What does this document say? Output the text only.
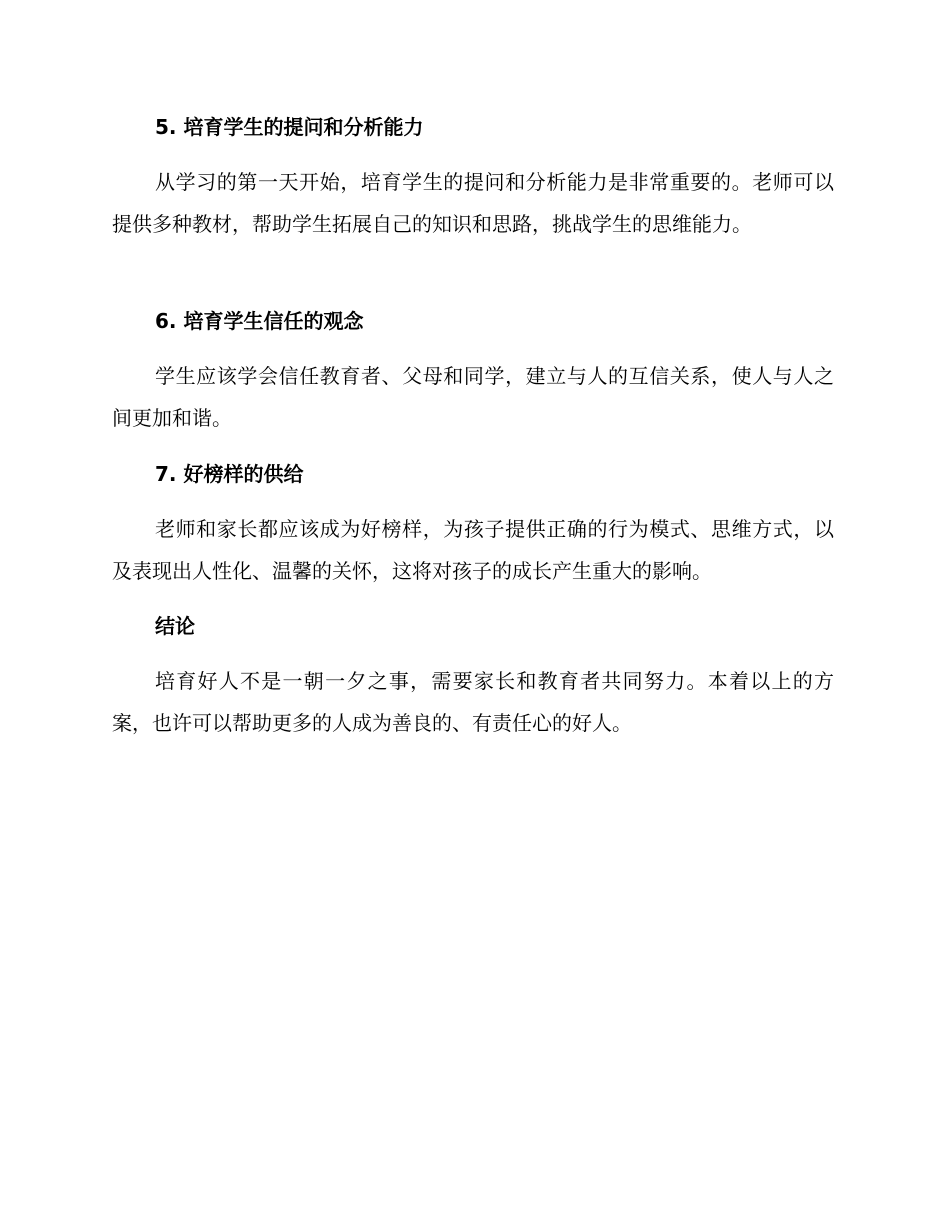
5. 培育学生的提问和分析能力

从学习的第一天开始，培育学生的提问和分析能力是非常重要的。老师可以提供多种教材，帮助学生拓展自己的知识和思路，挑战学生的思维能力。

6. 培育学生信任的观念

学生应该学会信任教育者、父母和同学，建立与人的互信关系，使人与人之间更加和谐。

7. 好榜样的供给

老师和家长都应该成为好榜样，为孩子提供正确的行为模式、思维方式，以及表现出人性化、温馨的关怀，这将对孩子的成长产生重大的影响。

结论

培育好人不是一朝一夕之事，需要家长和教育者共同努力。本着以上的方案，也许可以帮助更多的人成为善良的、有责任心的好人。
